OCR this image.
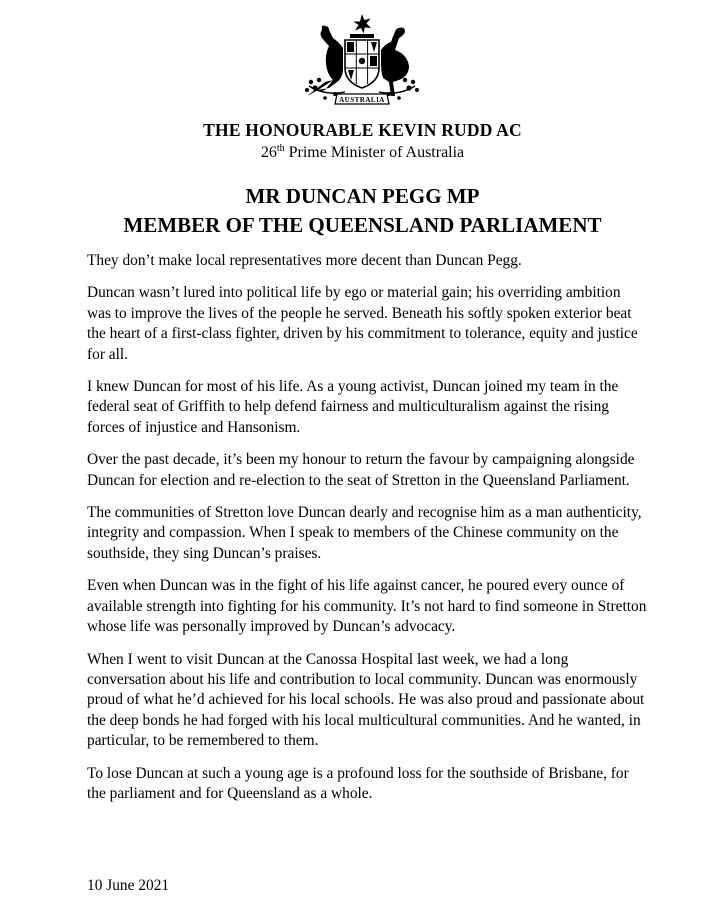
AUSTRALIA
THE HONOURABLE KEVIN RUDD AC
26th Prime Minister of Australia
MR DUNCAN PEGG MP
MEMBER OF THE QUEENSLAND PARLIAMENT

They don’t make local representatives more decent than Duncan Pegg.

Duncan wasn’t lured into political life by ego or material gain; his overriding ambition was to improve the lives of the people he served. Beneath his softly spoken exterior beat the heart of a first-class fighter, driven by his commitment to tolerance, equity and justice for all.

I knew Duncan for most of his life. As a young activist, Duncan joined my team in the federal seat of Griffith to help defend fairness and multiculturalism against the rising forces of injustice and Hansonism.

Over the past decade, it’s been my honour to return the favour by campaigning alongside Duncan for election and re-election to the seat of Stretton in the Queensland Parliament.

The communities of Stretton love Duncan dearly and recognise him as a man authenticity, integrity and compassion. When I speak to members of the Chinese community on the southside, they sing Duncan’s praises.

Even when Duncan was in the fight of his life against cancer, he poured every ounce of available strength into fighting for his community. It’s not hard to find someone in Stretton whose life was personally improved by Duncan’s advocacy.

When I went to visit Duncan at the Canossa Hospital last week, we had a long conversation about his life and contribution to local community. Duncan was enormously proud of what he’d achieved for his local schools. He was also proud and passionate about the deep bonds he had forged with his local multicultural communities. And he wanted, in particular, to be remembered to them.

To lose Duncan at such a young age is a profound loss for the southside of Brisbane, for the parliament and for Queensland as a whole.

10 June 2021
